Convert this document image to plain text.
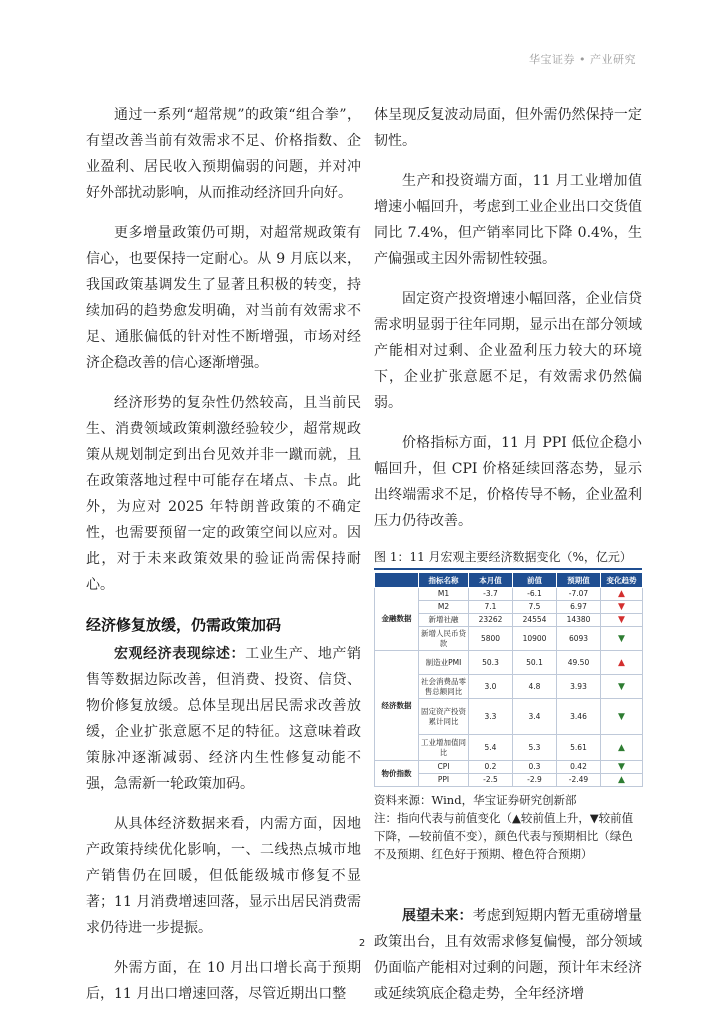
华宝证券 • 产业研究

通过一系列“超常规”的政策“组合拳”，有望改善当前有效需求不足、价格指数、企业盈利、居民收入预期偏弱的问题，并对冲好外部扰动影响，从而推动经济回升向好。

更多增量政策仍可期，对超常规政策有信心，也要保持一定耐心。从 9 月底以来，我国政策基调发生了显著且积极的转变，持续加码的趋势愈发明确，对当前有效需求不足、通胀偏低的针对性不断增强，市场对经济企稳改善的信心逐渐增强。

经济形势的复杂性仍然较高，且当前民生、消费领域政策刺激经验较少，超常规政策从规划制定到出台见效并非一蹴而就，且在政策落地过程中可能存在堵点、卡点。此外，为应对 2025 年特朗普政策的不确定性，也需要预留一定的政策空间以应对。因此，对于未来政策效果的验证尚需保持耐心。

经济修复放缓，仍需政策加码

宏观经济表现综述：工业生产、地产销售等数据边际改善，但消费、投资、信贷、物价修复放缓。总体呈现出居民需求改善放缓，企业扩张意愿不足的特征。这意味着政策脉冲逐渐减弱、经济内生性修复动能不强，急需新一轮政策加码。

从具体经济数据来看，内需方面，因地产政策持续优化影响，一、二线热点城市地产销售仍在回暖，但低能级城市修复不显著；11 月消费增速回落，显示出居民消费需求仍待进一步提振。

外需方面，在 10 月出口增长高于预期后，11 月出口增速回落，尽管近期出口整

体呈现反复波动局面，但外需仍然保持一定韧性。

生产和投资端方面，11 月工业增加值增速小幅回升，考虑到工业企业出口交货值同比 7.4%，但产销率同比下降 0.4%，生产偏强或主因外需韧性较强。

固定资产投资增速小幅回落，企业信贷需求明显弱于往年同期，显示出在部分领域产能相对过剩、企业盈利压力较大的环境下，企业扩张意愿不足，有效需求仍然偏弱。

价格指标方面，11 月 PPI 低位企稳小幅回升，但 CPI 价格延续回落态势，显示出终端需求不足，价格传导不畅，企业盈利压力仍待改善。

图 1：11 月宏观主要经济数据变化（%，亿元）
	指标名称	本月值	前值	预期值	变化趋势
金融数据	M1	-3.7	-6.1	-7.07	▲
	M2	7.1	7.5	6.97	▼
	新增社融	23262	24554	14380	▼
	新增人民币贷款	5800	10900	6093	▼
经济数据	制造业PMI	50.3	50.1	49.50	▲
	社会消费品零售总额同比	3.0	4.8	3.93	▼
	固定资产投资累计同比	3.3	3.4	3.46	▼
	工业增加值同比	5.4	5.3	5.61	▲
物价指数	CPI	0.2	0.3	0.42	▼
	PPI	-2.5	-2.9	-2.49	▲

资料来源：Wind，华宝证券研究创新部

注：指向代表与前值变化（▲较前值上升，▼较前值下降，—较前值不变），颜色代表与预期相比（绿色不及预期、红色好于预期、橙色符合预期）

展望未来：考虑到短期内暂无重磅增量政策出台，且有效需求修复偏慢，部分领域仍面临产能相对过剩的问题，预计年末经济或延续筑底企稳走势，全年经济增

2
